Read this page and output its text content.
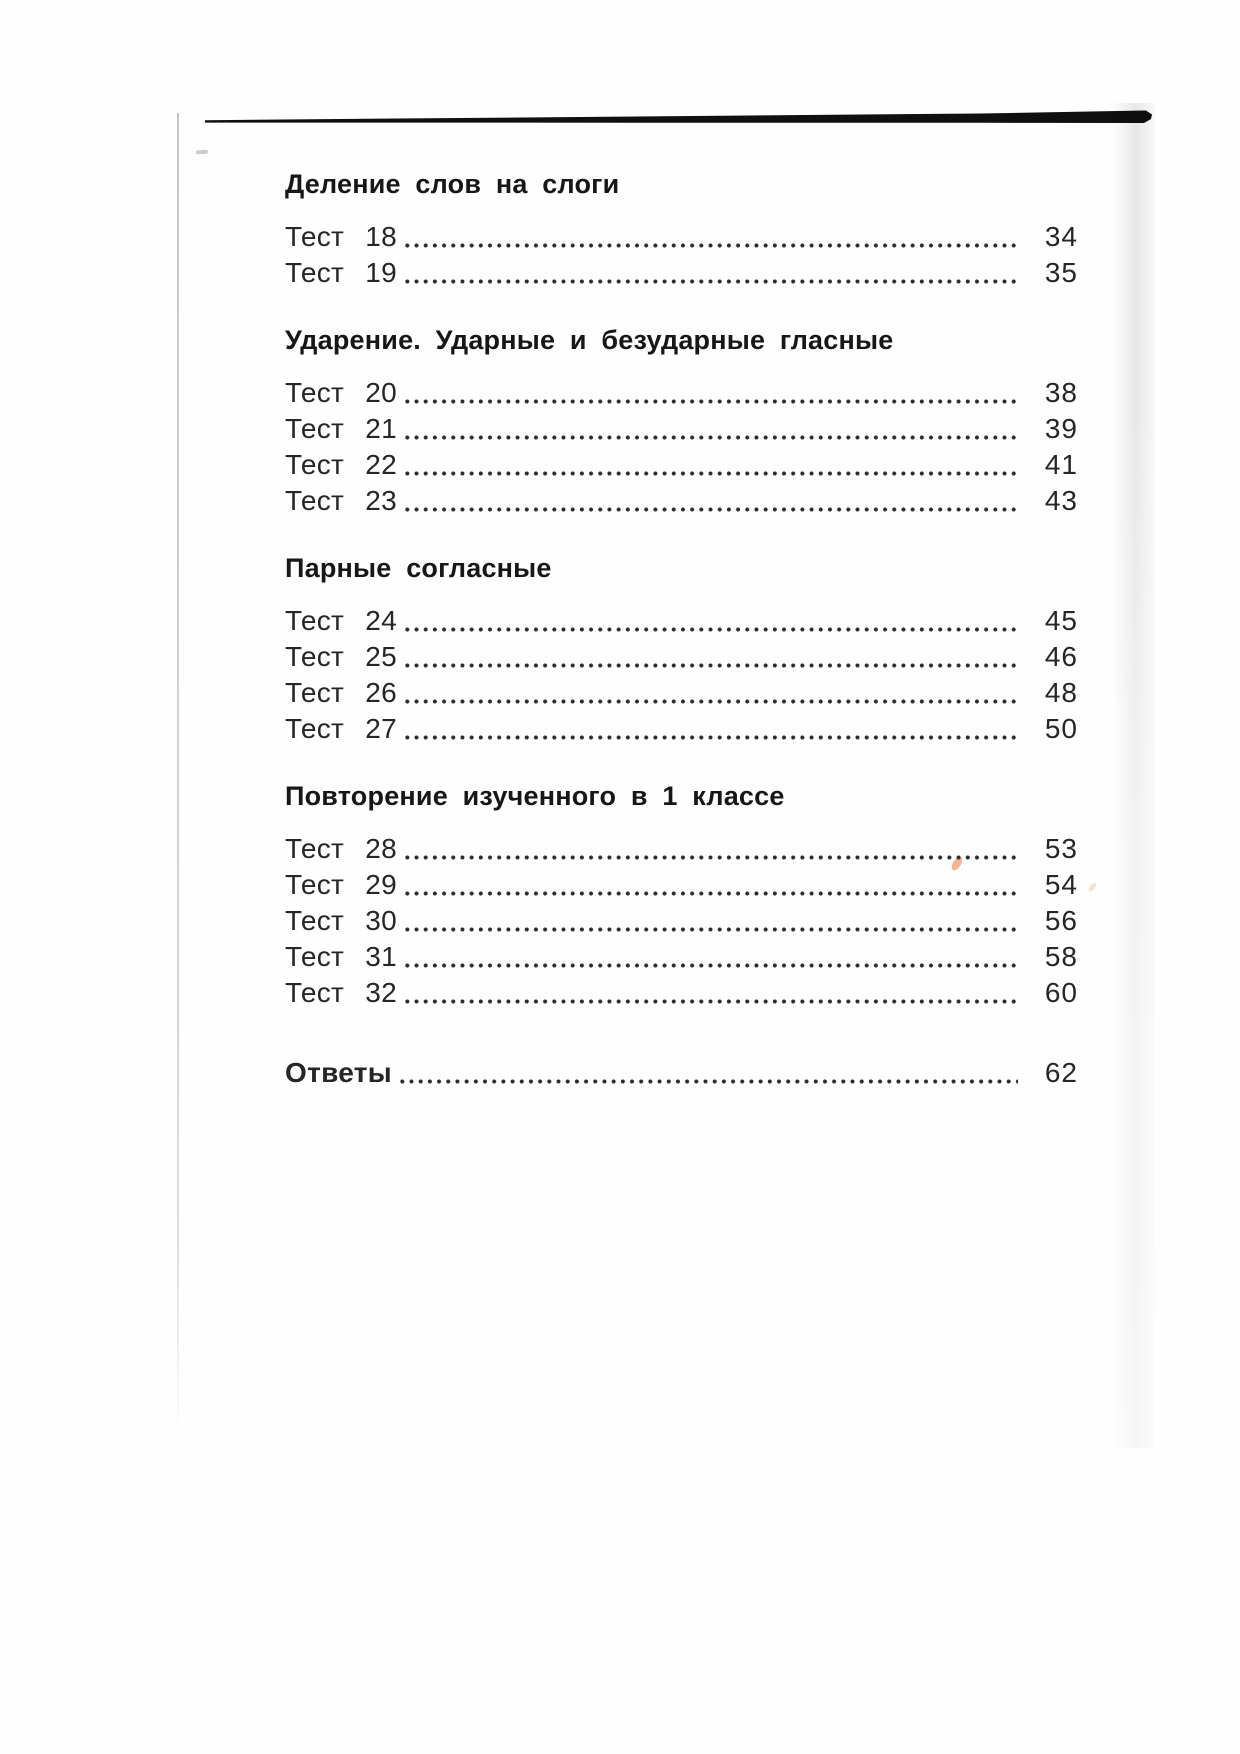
Деление слов на слоги
Тест 18	34
Тест 19	35
Ударение. Ударные и безударные гласные
Тест 20	38
Тест 21	39
Тест 22	41
Тест 23	43
Парные согласные
Тест 24	45
Тест 25	46
Тест 26	48
Тест 27	50
Повторение изученного в 1 классе
Тест 28	53
Тест 29	54
Тест 30	56
Тест 31	58
Тест 32	60
Ответы	62
